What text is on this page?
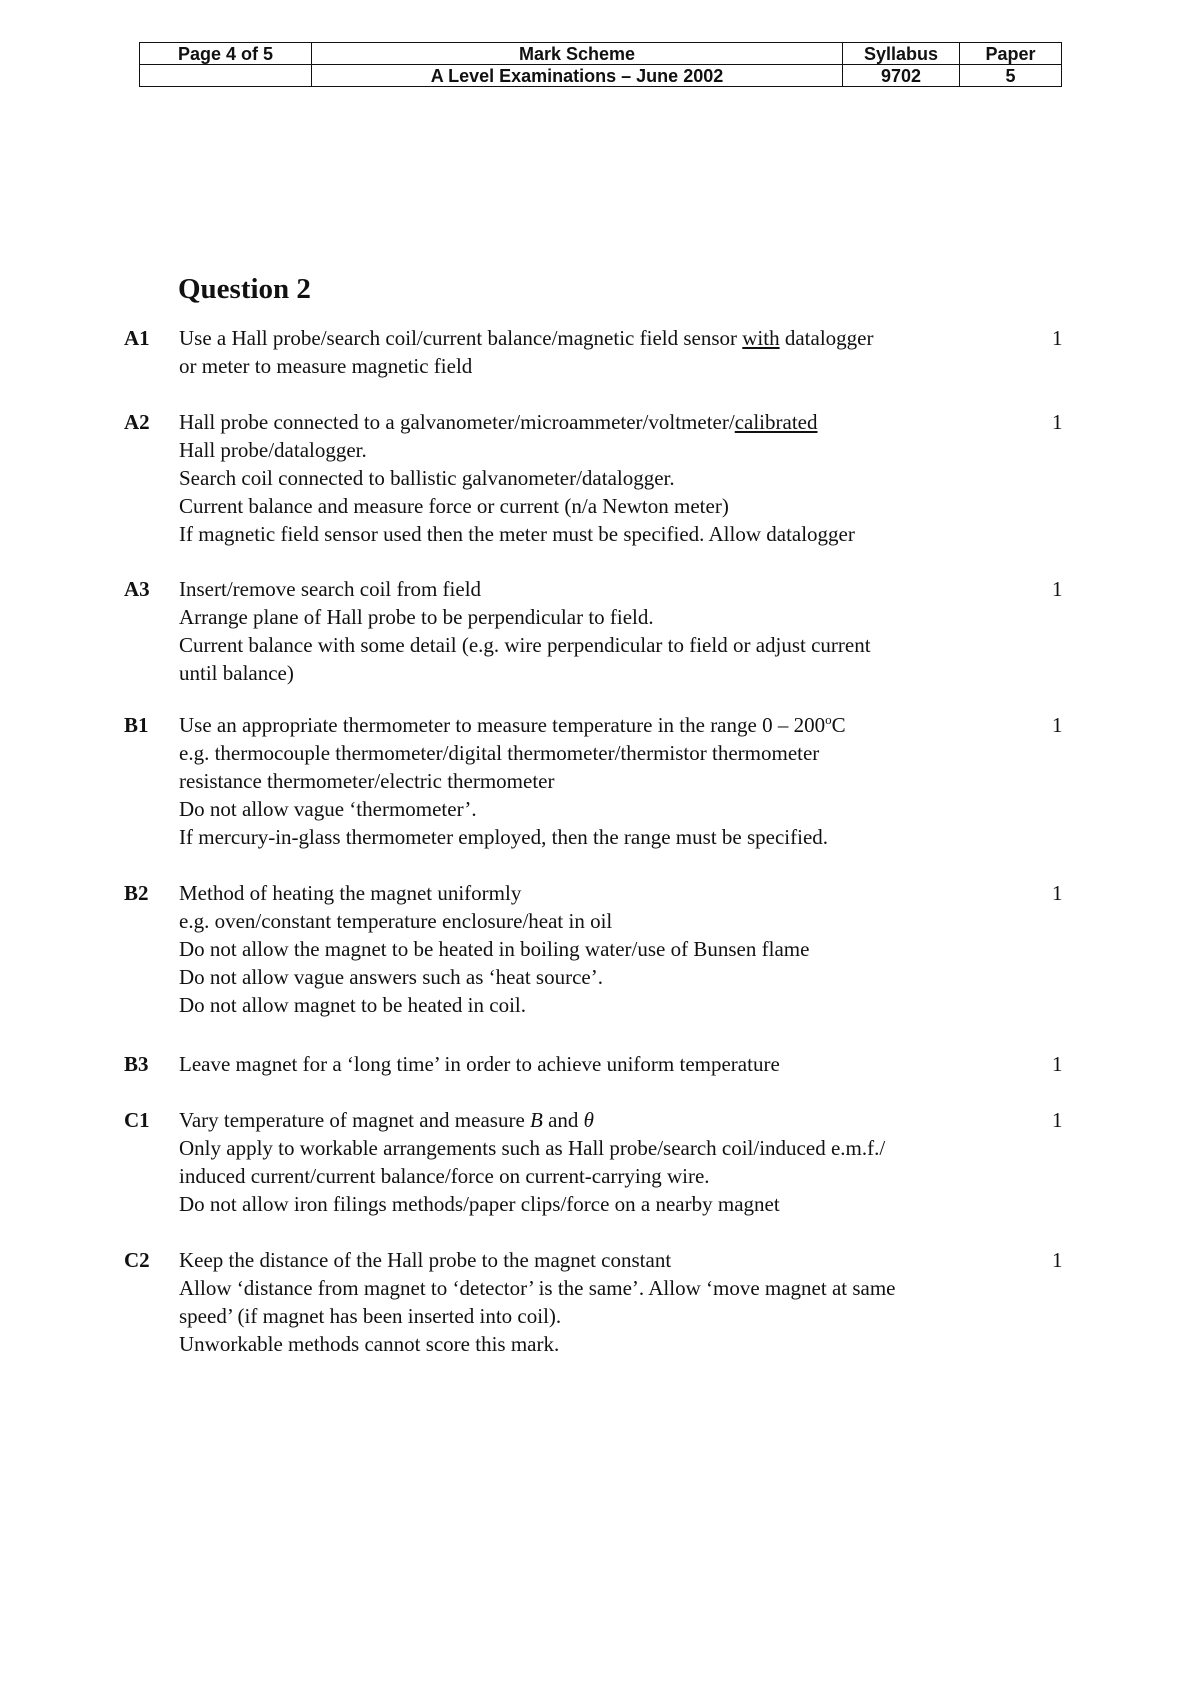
Page 4 of 5	Mark Scheme	Syllabus	Paper
	A Level Examinations – June 2002	9702	5
Question 2
A1 Use a Hall probe/search coil/current balance/magnetic field sensor with datalogger
or meter to measure magnetic field
1
A2 Hall probe connected to a galvanometer/microammeter/voltmeter/calibrated
Hall probe/datalogger.
Search coil connected to ballistic galvanometer/datalogger.
Current balance and measure force or current (n/a Newton meter)
If magnetic field sensor used then the meter must be specified. Allow datalogger
1
A3 Insert/remove search coil from field
Arrange plane of Hall probe to be perpendicular to field.
Current balance with some detail (e.g. wire perpendicular to field or adjust current
until balance)
1
B1 Use an appropriate thermometer to measure temperature in the range 0 – 200$^o$C
e.g. thermocouple thermometer/digital thermometer/thermistor thermometer
resistance thermometer/electric thermometer
Do not allow vague ‘thermometer’.
If mercury-in-glass thermometer employed, then the range must be specified.
1
B2 Method of heating the magnet uniformly
e.g. oven/constant temperature enclosure/heat in oil
Do not allow the magnet to be heated in boiling water/use of Bunsen flame
Do not allow vague answers such as ‘heat source’.
Do not allow magnet to be heated in coil.
1
B3 Leave magnet for a ‘long time’ in order to achieve uniform temperature	1
C1 Vary temperature of magnet and measure B and θ
Only apply to workable arrangements such as Hall probe/search coil/induced e.m.f./
induced current/current balance/force on current-carrying wire.
Do not allow iron filings methods/paper clips/force on a nearby magnet
1
C2 Keep the distance of the Hall probe to the magnet constant
Allow ‘distance from magnet to ‘detector’ is the same’. Allow ‘move magnet at same
speed’ (if magnet has been inserted into coil).
Unworkable methods cannot score this mark.
1
